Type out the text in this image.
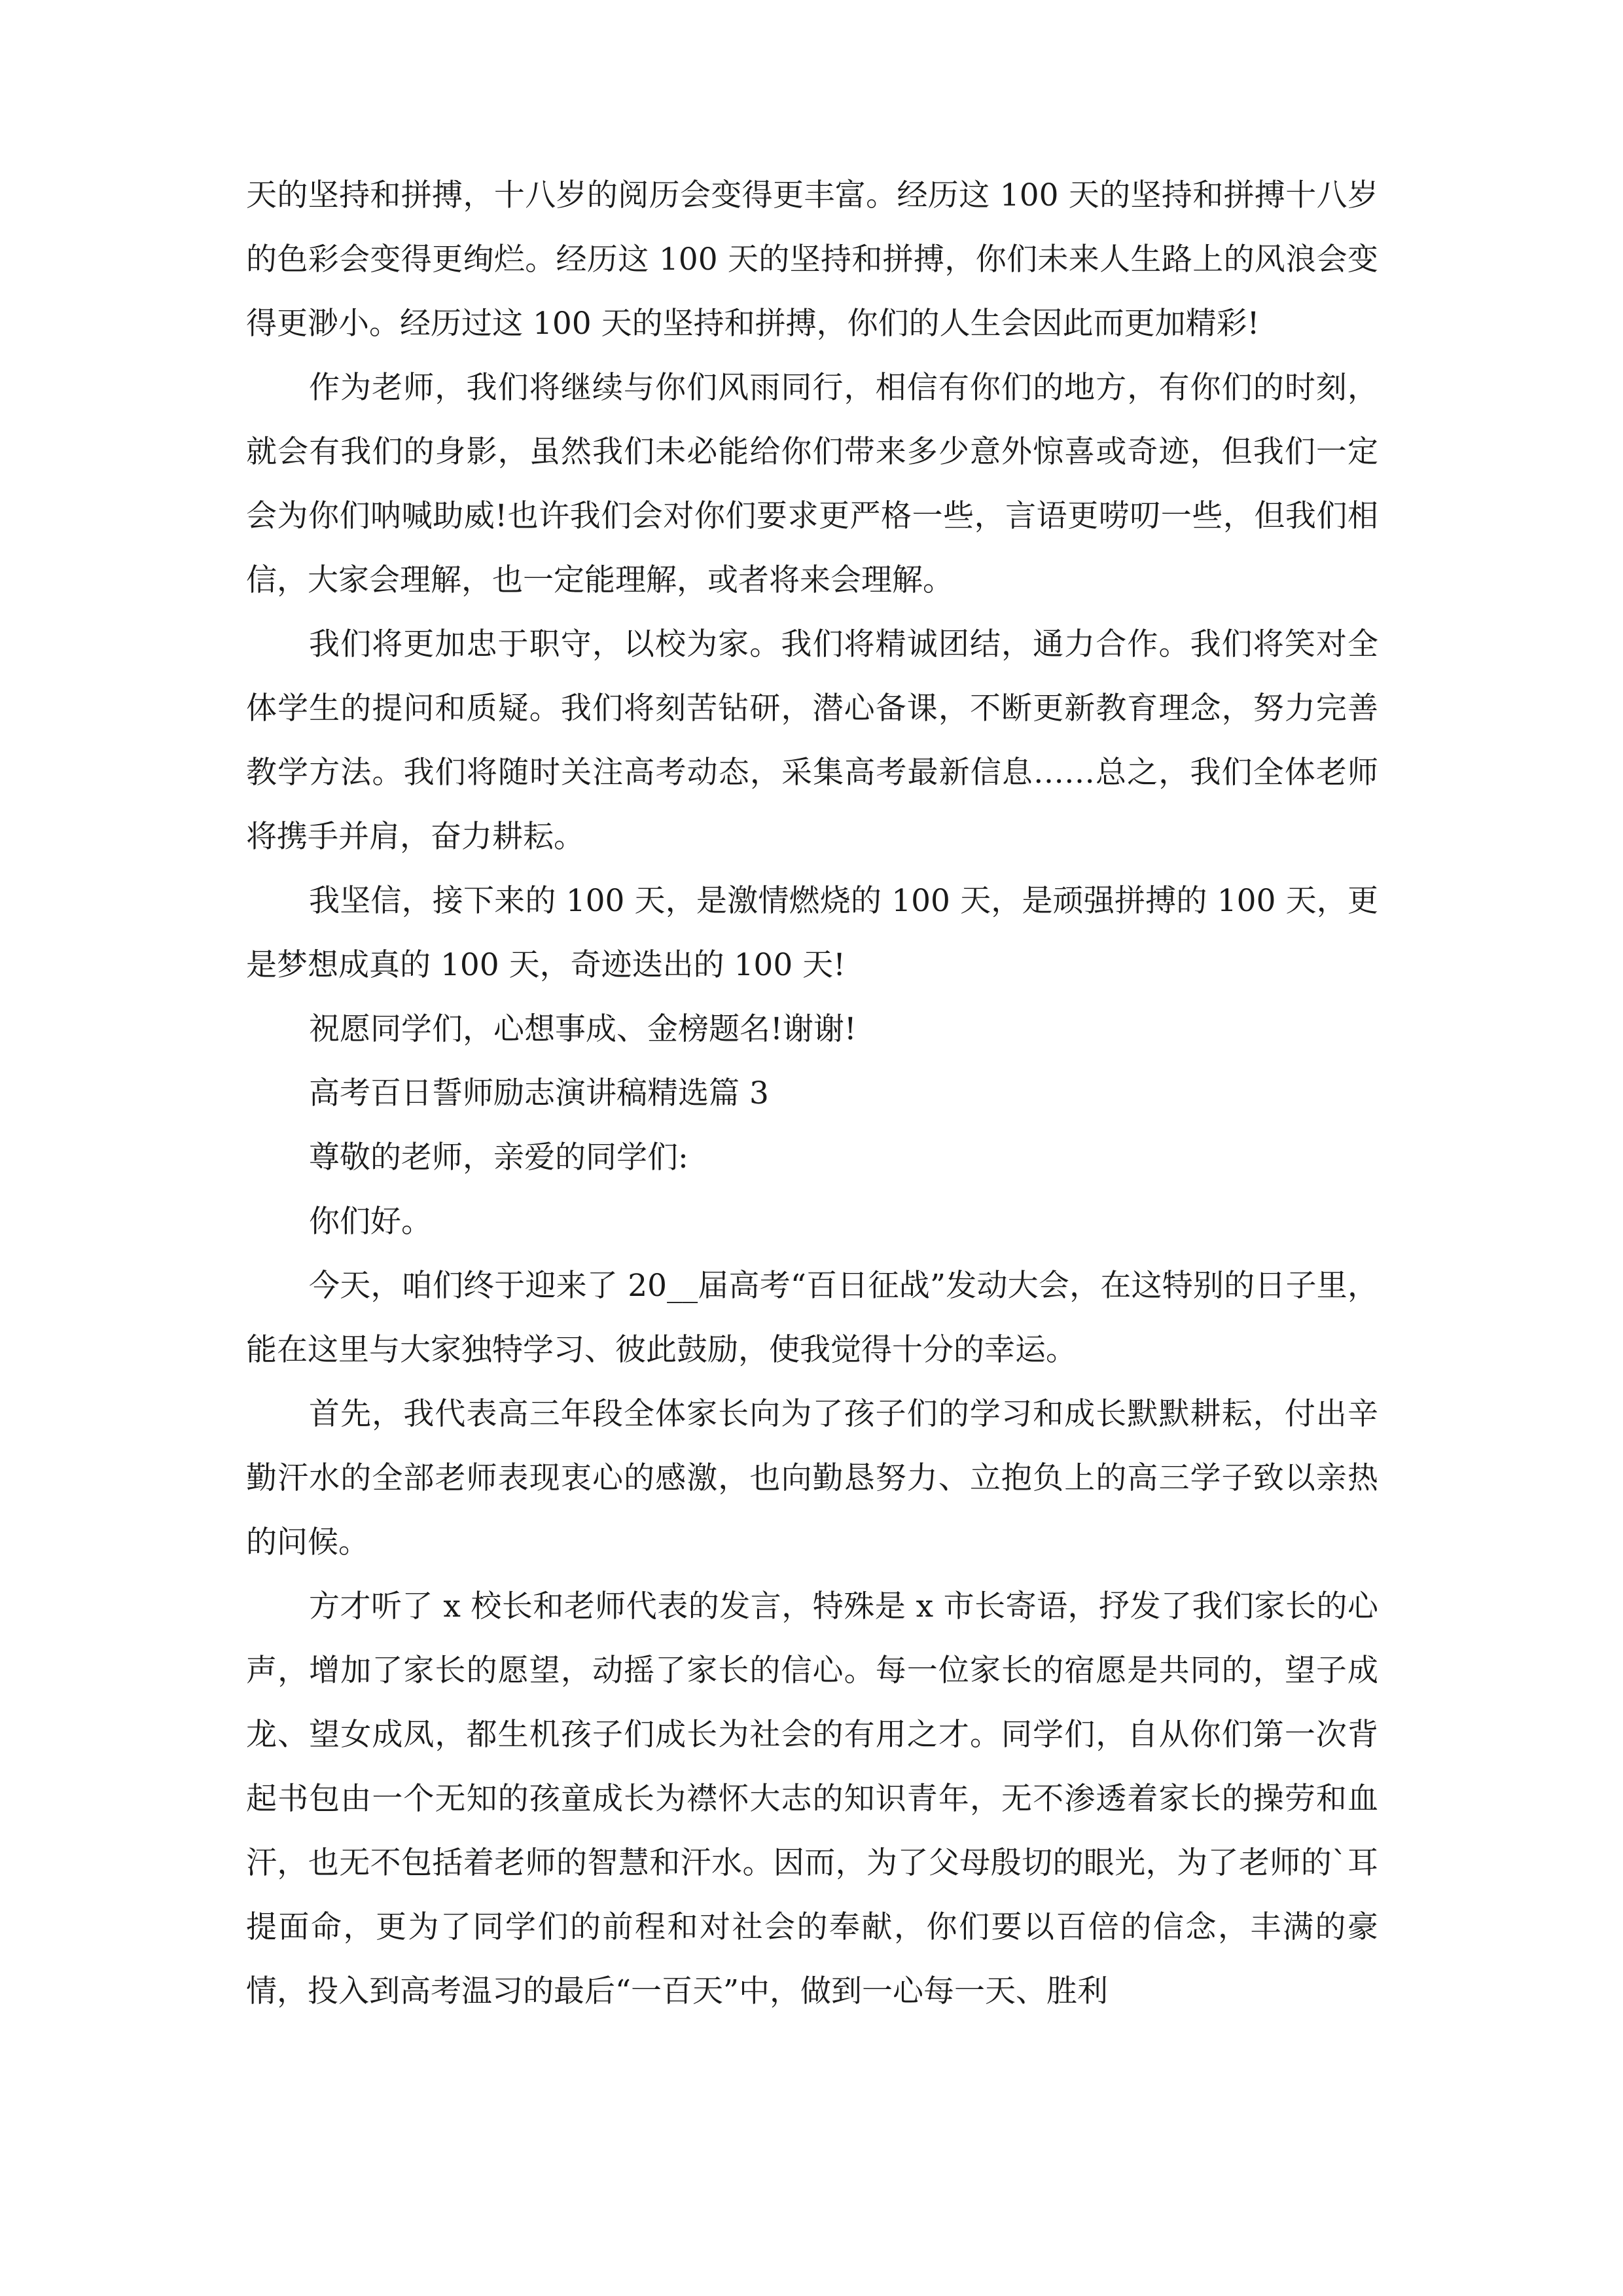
天的坚持和拼搏，十八岁的阅历会变得更丰富。经历这 100 天的坚持和拼搏十八岁的色彩会变得更绚烂。经历这 100 天的坚持和拼搏，你们未来人生路上的风浪会变得更渺小。经历过这 100 天的坚持和拼搏，你们的人生会因此而更加精彩!

作为老师，我们将继续与你们风雨同行，相信有你们的地方，有你们的时刻，就会有我们的身影，虽然我们未必能给你们带来多少意外惊喜或奇迹，但我们一定会为你们呐喊助威!也许我们会对你们要求更严格一些，言语更唠叨一些，但我们相信，大家会理解，也一定能理解，或者将来会理解。

我们将更加忠于职守，以校为家。我们将精诚团结，通力合作。我们将笑对全体学生的提问和质疑。我们将刻苦钻研，潜心备课，不断更新教育理念，努力完善教学方法。我们将随时关注高考动态，采集高考最新信息……总之，我们全体老师将携手并肩，奋力耕耘。

我坚信，接下来的 100 天，是激情燃烧的 100 天，是顽强拼搏的 100 天，更是梦想成真的 100 天，奇迹迭出的 100 天!

祝愿同学们，心想事成、金榜题名!谢谢!

高考百日誓师励志演讲稿精选篇 3

尊敬的老师，亲爱的同学们:

你们好。

今天，咱们终于迎来了 20__届高考“百日征战”发动大会，在这特别的日子里，能在这里与大家独特学习、彼此鼓励，使我觉得十分的幸运。

首先，我代表高三年段全体家长向为了孩子们的学习和成长默默耕耘，付出辛勤汗水的全部老师表现衷心的感激，也向勤恳努力、立抱负上的高三学子致以亲热的问候。

方才听了 x 校长和老师代表的发言，特殊是 x 市长寄语，抒发了我们家长的心声，增加了家长的愿望，动摇了家长的信心。每一位家长的宿愿是共同的，望子成龙、望女成凤，都生机孩子们成长为社会的有用之才。同学们，自从你们第一次背起书包由一个无知的孩童成长为襟怀大志的知识青年，无不渗透着家长的操劳和血汗，也无不包括着老师的智慧和汗水。因而，为了父母殷切的眼光，为了老师的`耳提面命，更为了同学们的前程和对社会的奉献，你们要以百倍的信念，丰满的豪情，投入到高考温习的最后“一百天”中，做到一心每一天、胜利
